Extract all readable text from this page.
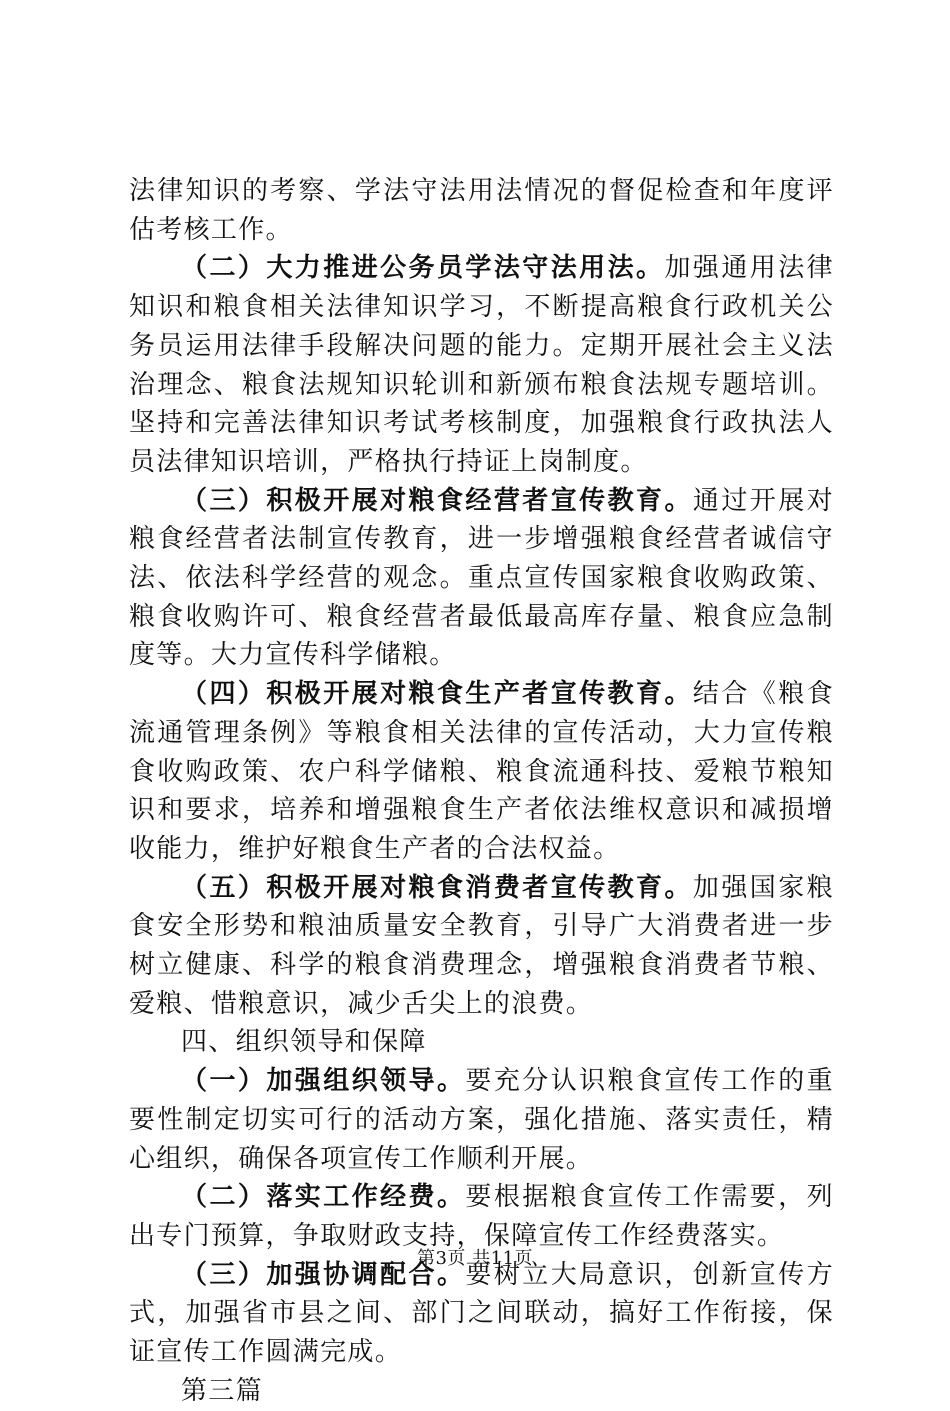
法律知识的考察、学法守法用法情况的督促检查和年度评估考核工作。

（二）大力推进公务员学法守法用法。加强通用法律知识和粮食相关法律知识学习，不断提高粮食行政机关公务员运用法律手段解决问题的能力。定期开展社会主义法治理念、粮食法规知识轮训和新颁布粮食法规专题培训。坚持和完善法律知识考试考核制度，加强粮食行政执法人员法律知识培训，严格执行持证上岗制度。

（三）积极开展对粮食经营者宣传教育。通过开展对粮食经营者法制宣传教育，进一步增强粮食经营者诚信守法、依法科学经营的观念。重点宣传国家粮食收购政策、粮食收购许可、粮食经营者最低最高库存量、粮食应急制度等。大力宣传科学储粮。

（四）积极开展对粮食生产者宣传教育。结合《粮食流通管理条例》等粮食相关法律的宣传活动，大力宣传粮食收购政策、农户科学储粮、粮食流通科技、爱粮节粮知识和要求，培养和增强粮食生产者依法维权意识和减损增收能力，维护好粮食生产者的合法权益。

（五）积极开展对粮食消费者宣传教育。加强国家粮食安全形势和粮油质量安全教育，引导广大消费者进一步树立健康、科学的粮食消费理念，增强粮食消费者节粮、爱粮、惜粮意识，减少舌尖上的浪费。

四、组织领导和保障

（一）加强组织领导。要充分认识粮食宣传工作的重要性制定切实可行的活动方案，强化措施、落实责任，精心组织，确保各项宣传工作顺利开展。

（二）落实工作经费。要根据粮食宣传工作需要，列出专门预算，争取财政支持，保障宣传工作经费落实。

（三）加强协调配合。要树立大局意识，创新宣传方式，加强省市县之间、部门之间联动，搞好工作衔接，保证宣传工作圆满完成。

第三篇

第3页 共11页
